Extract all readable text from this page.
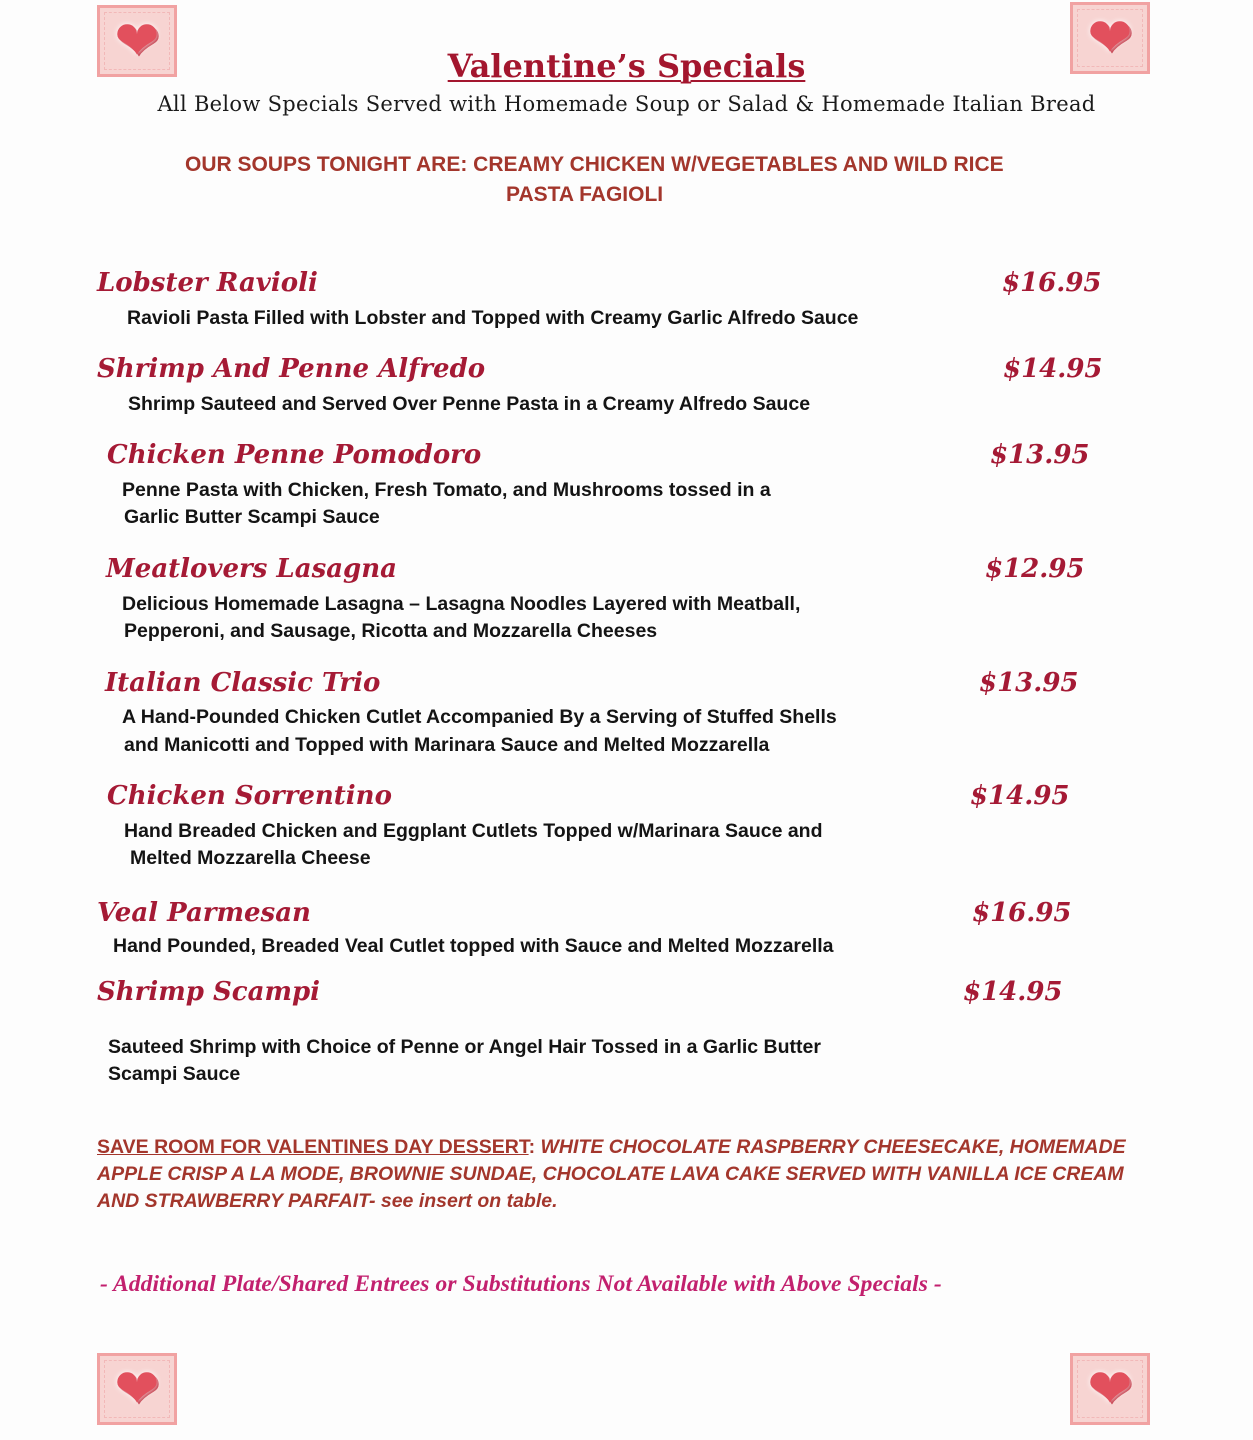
❤	❤
❤	❤
Valentine’s Specials
All Below Specials Served with Homemade Soup or Salad & Homemade Italian Bread
OUR SOUPS TONIGHT ARE: CREAMY CHICKEN W/VEGETABLES AND WILD RICE
PASTA FAGIOLI
Lobster Ravioli	$16.95
Ravioli Pasta Filled with Lobster and Topped with Creamy Garlic Alfredo Sauce
Shrimp And Penne Alfredo	$14.95
Shrimp Sauteed and Served Over Penne Pasta in a Creamy Alfredo Sauce
Chicken Penne Pomodoro	$13.95
Penne Pasta with Chicken, Fresh Tomato, and Mushrooms tossed in a
Garlic Butter Scampi Sauce
Meatlovers Lasagna	$12.95
Delicious Homemade Lasagna – Lasagna Noodles Layered with Meatball,
Pepperoni, and Sausage, Ricotta and Mozzarella Cheeses
Italian Classic Trio	$13.95
A Hand-Pounded Chicken Cutlet Accompanied By a Serving of Stuffed Shells
and Manicotti and Topped with Marinara Sauce and Melted Mozzarella
Chicken Sorrentino	$14.95
Hand Breaded Chicken and Eggplant Cutlets Topped w/Marinara Sauce and
Melted Mozzarella Cheese
Veal Parmesan	$16.95
Hand Pounded, Breaded Veal Cutlet topped with Sauce and Melted Mozzarella
Shrimp Scampi	$14.95
Sauteed Shrimp with Choice of Penne or Angel Hair Tossed in a Garlic Butter
Scampi Sauce
SAVE ROOM FOR VALENTINES DAY DESSERT: WHITE CHOCOLATE RASPBERRY CHEESECAKE, HOMEMADE APPLE CRISP A LA MODE, BROWNIE SUNDAE, CHOCOLATE LAVA CAKE SERVED WITH VANILLA ICE CREAM AND STRAWBERRY PARFAIT- see insert on table.
- Additional Plate/Shared Entrees or Substitutions Not Available with Above Specials -
